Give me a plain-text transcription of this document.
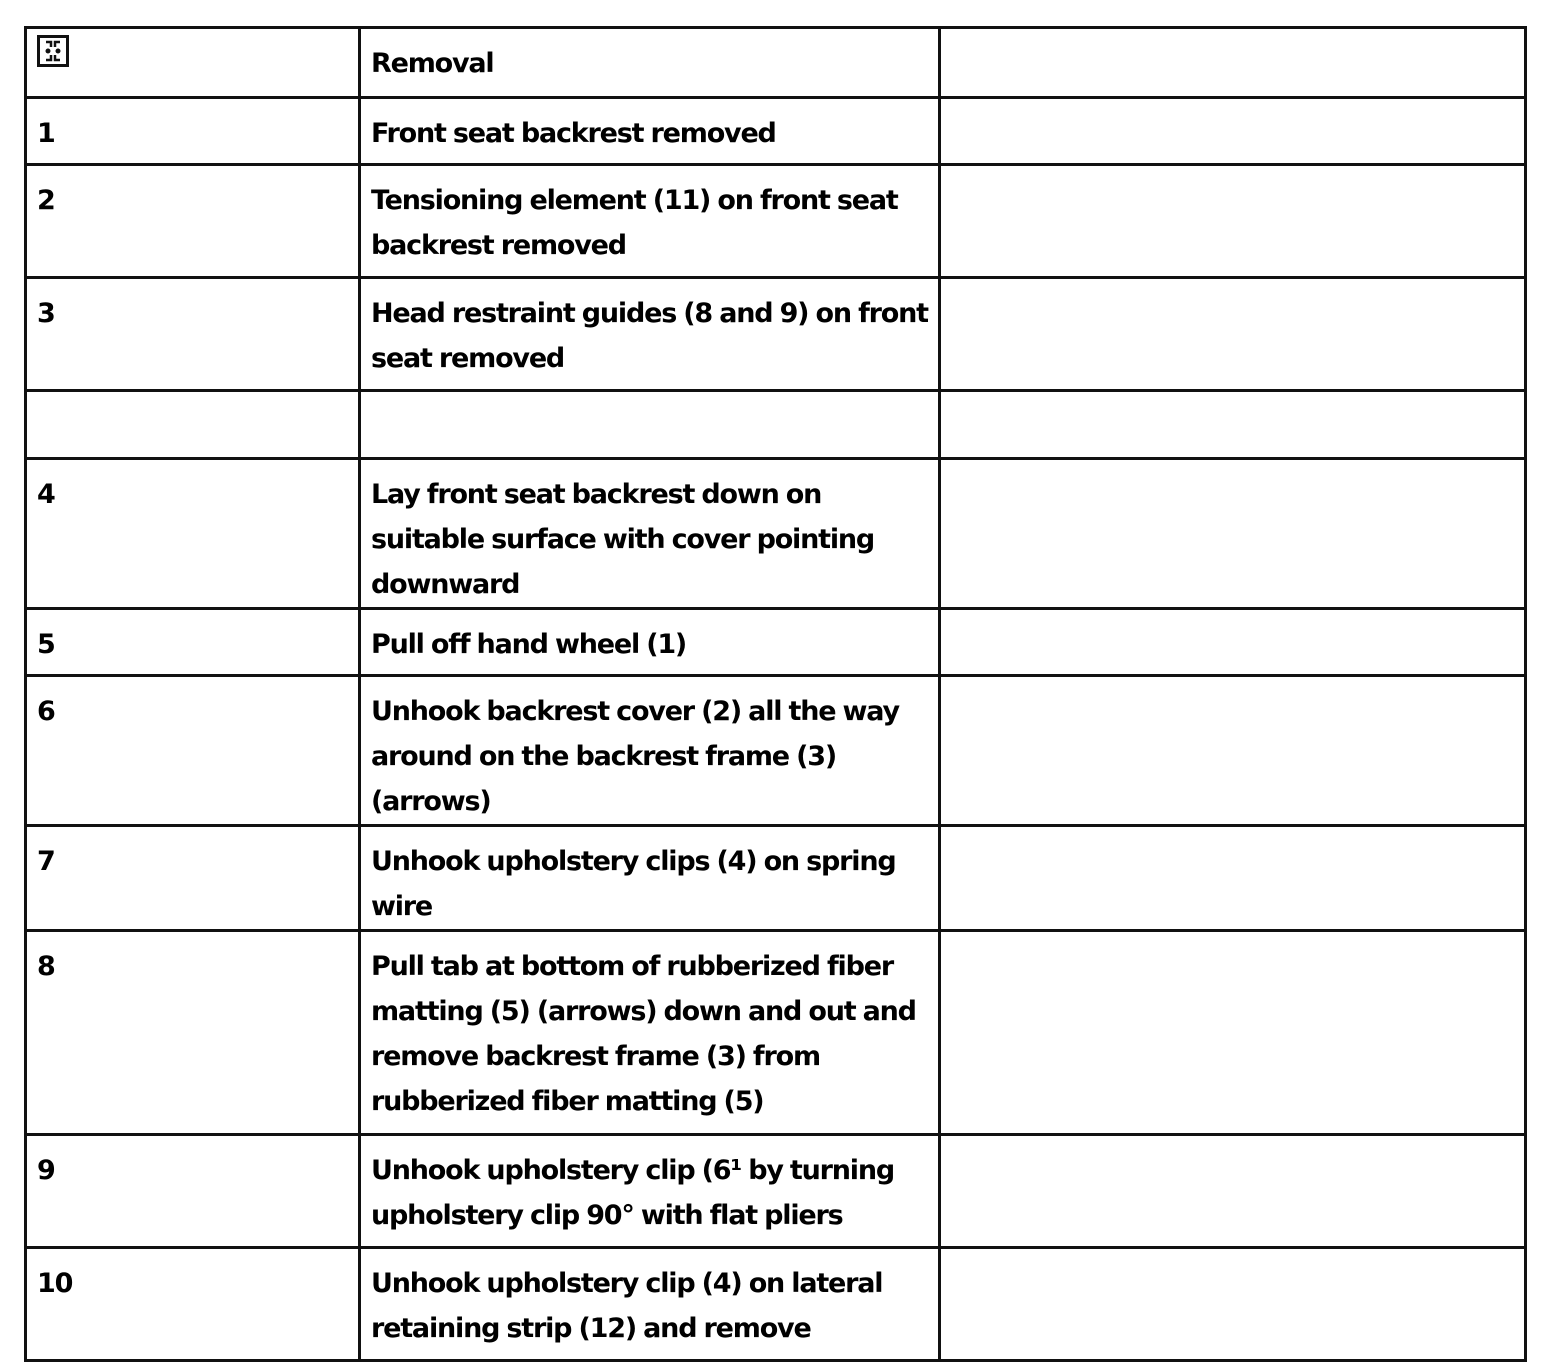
	Removal	
1	Front seat backrest removed	
2	Tensioning element (11) on front seat backrest removed	
3	Head restraint guides (8 and 9) on front seat removed	

4	Lay front seat backrest down on suitable surface with cover pointing downward	
5	Pull off hand wheel (1)	
6	Unhook backrest cover (2) all the way around on the backrest frame (3) (arrows)	
7	Unhook upholstery clips (4) on spring wire	
8	Pull tab at bottom of rubberized fiber matting (5) (arrows) down and out and remove backrest frame (3) from rubberized fiber matting (5)	
9	Unhook upholstery clip (6¹ by turning upholstery clip 90° with flat pliers	
10	Unhook upholstery clip (4) on lateral retaining strip (12) and remove	
